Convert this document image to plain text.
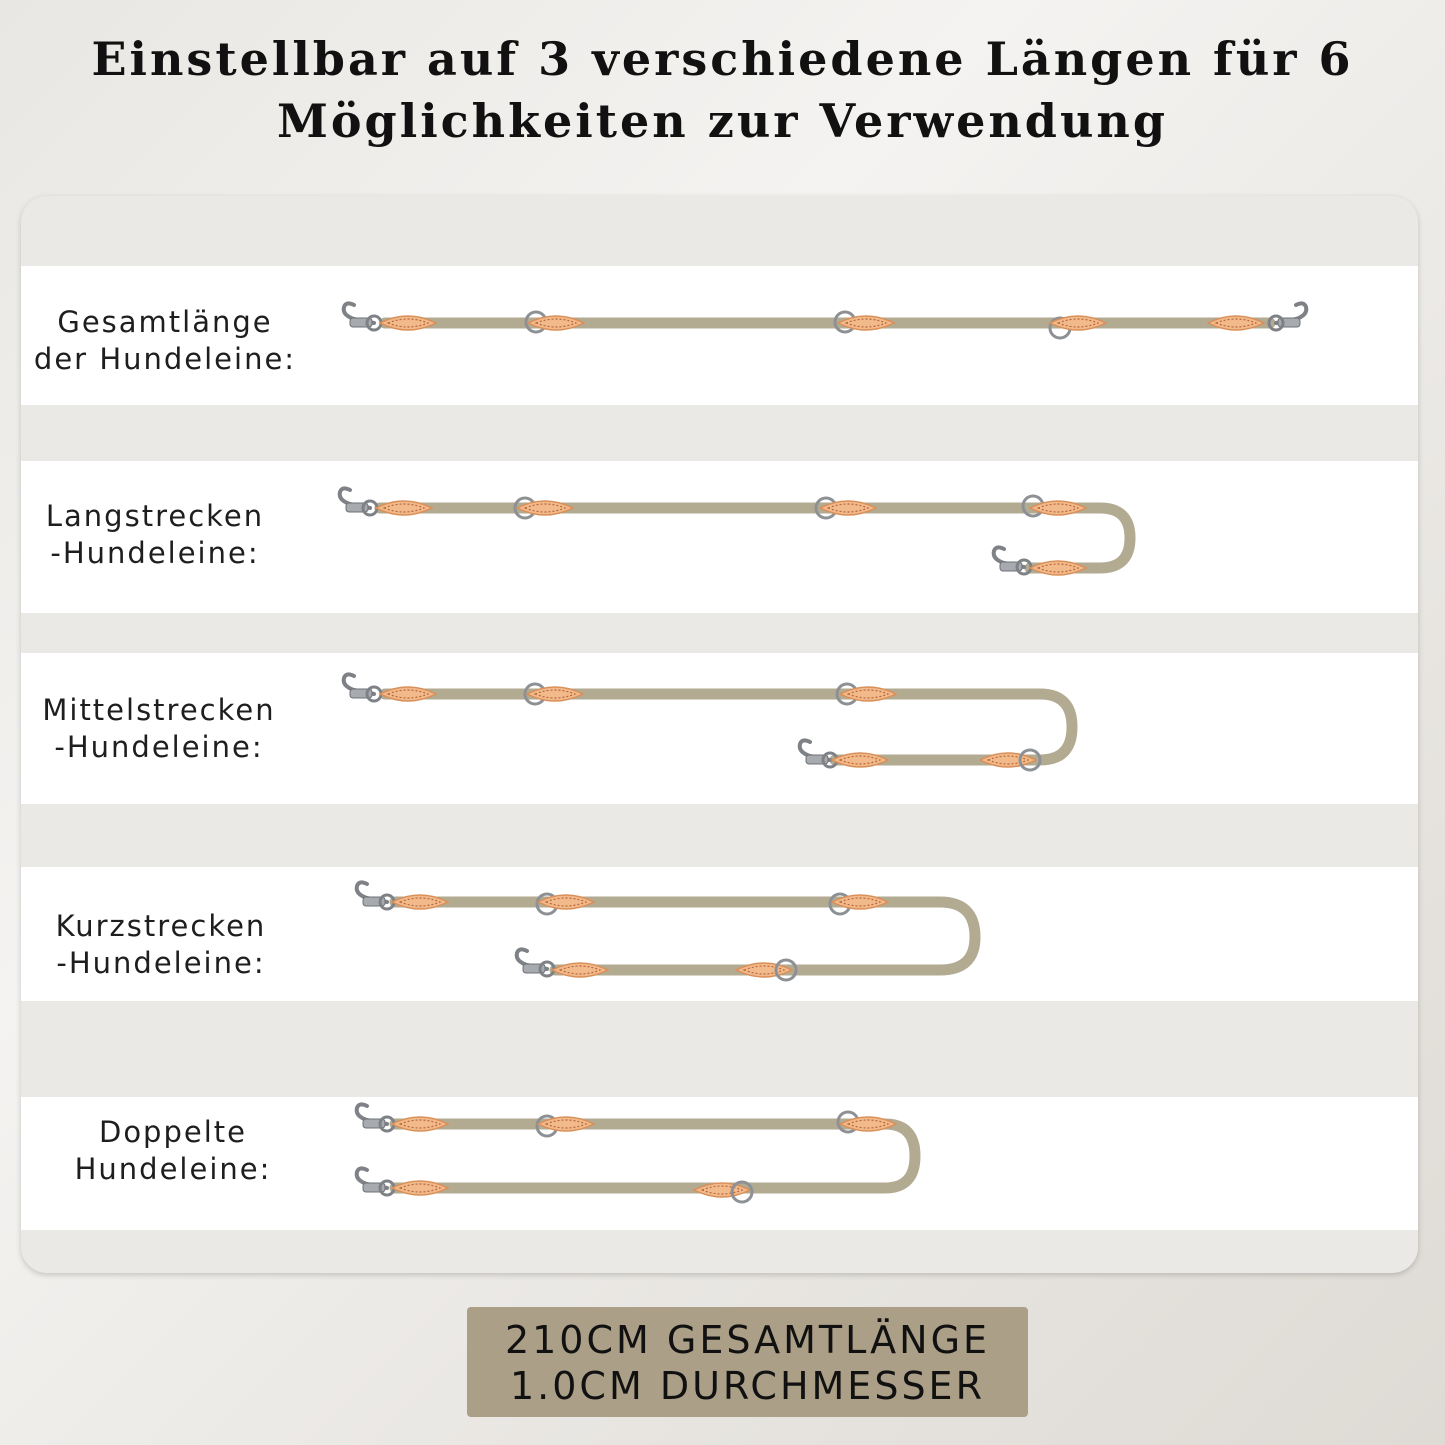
Einstellbar auf 3 verschiedene Längen für 6
Möglichkeiten zur Verwendung
Gesamtlänge
der Hundeleine:
Langstrecken
-Hundeleine:
Mittelstrecken
-Hundeleine:
Kurzstrecken
-Hundeleine:
Doppelte
Hundeleine:
210CM GESAMTLÄNGE
1.0CM DURCHMESSER
